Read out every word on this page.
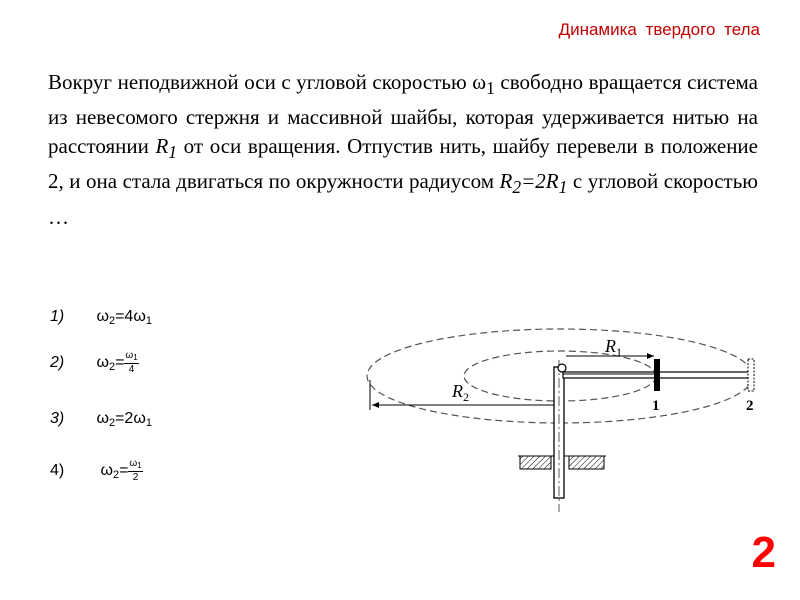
Динамика твердого тела

Вокруг неподвижной оси с угловой скоростью $\omega_1$ свободно вращается система из невесомого стержня и массивной шайбы, которая удерживается нитью на расстоянии $R_1$ от оси вращения. Отпустив нить, шайбу перевели в положение 2, и она стала двигаться по окружности радиусом $R_2=2R_1$ с угловой скоростью …

1) $\omega_2=4\omega_1$
2) $\omega_2= \frac{\omega_1}{4}$
3) $\omega_2=2\omega_1$
4) $\omega_2= \frac{\omega_1}{2}$
$R_1$
$R_2$
1	2
2
